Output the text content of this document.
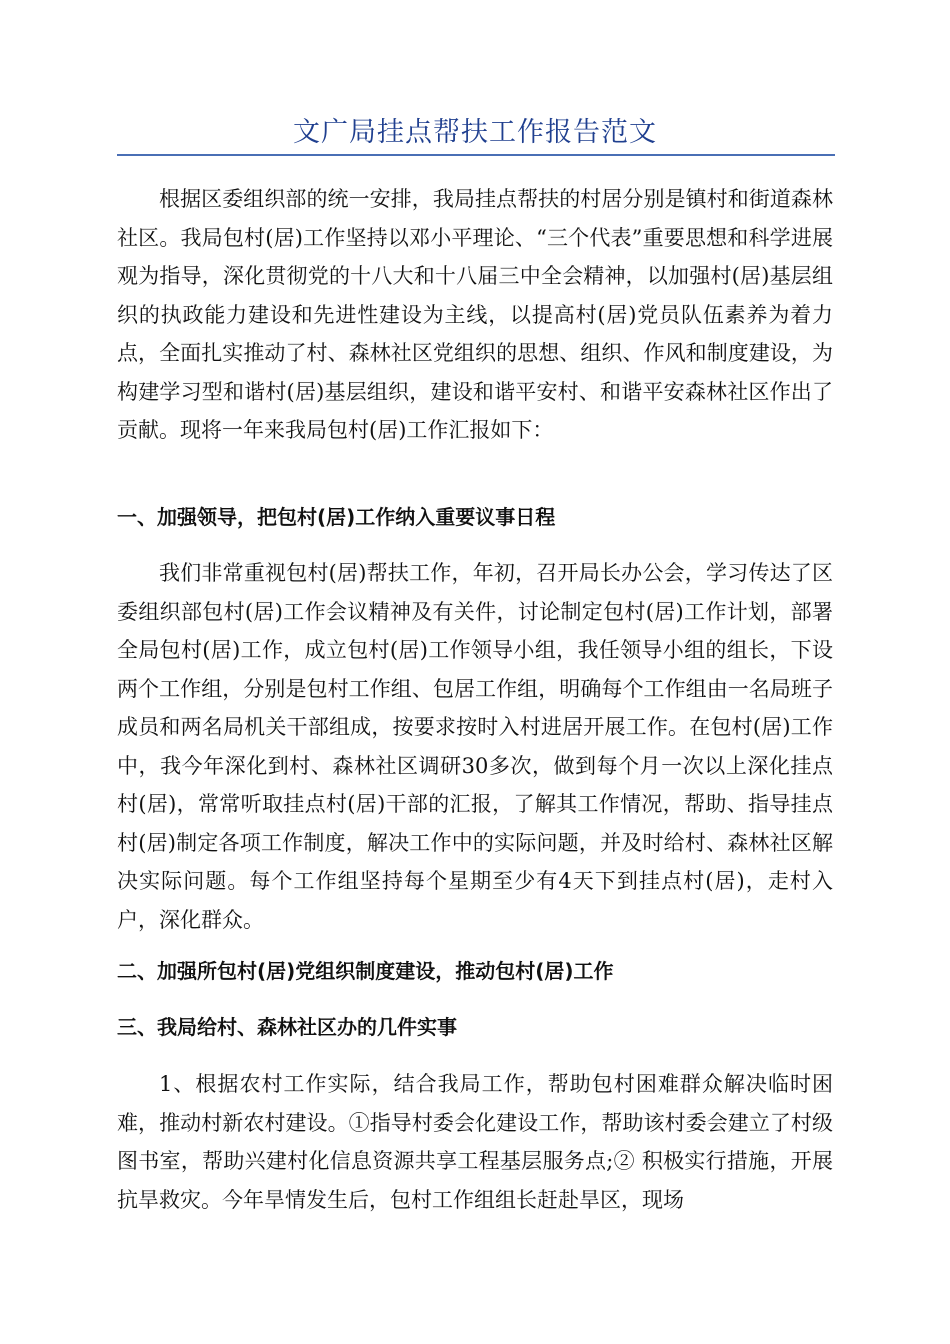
文广局挂点帮扶工作报告范文

根据区委组织部的统一安排，我局挂点帮扶的村居分别是镇村和街道森林社区。我局包村(居)工作坚持以邓小平理论、“三个代表”重要思想和科学进展观为指导，深化贯彻党的十八大和十八届三中全会精神，以加强村(居)基层组织的执政能力建设和先进性建设为主线，以提高村(居)党员队伍素养为着力点，全面扎实推动了村、森林社区党组织的思想、组织、作风和制度建设，为构建学习型和谐村(居)基层组织，建设和谐平安村、和谐平安森林社区作出了贡献。现将一年来我局包村(居)工作汇报如下：

一、加强领导，把包村(居)工作纳入重要议事日程

我们非常重视包村(居)帮扶工作，年初，召开局长办公会，学习传达了区委组织部包村(居)工作会议精神及有关件，讨论制定包村(居)工作计划，部署全局包村(居)工作，成立包村(居)工作领导小组，我任领导小组的组长，下设两个工作组，分别是包村工作组、包居工作组，明确每个工作组由一名局班子成员和两名局机关干部组成，按要求按时入村进居开展工作。在包村(居)工作中，我今年深化到村、森林社区调研30多次，做到每个月一次以上深化挂点村(居)，常常听取挂点村(居)干部的汇报，了解其工作情况，帮助、指导挂点村(居)制定各项工作制度，解决工作中的实际问题，并及时给村、森林社区解决实际问题。每个工作组坚持每个星期至少有4天下到挂点村(居)，走村入户，深化群众。

二、加强所包村(居)党组织制度建设，推动包村(居)工作
三、我局给村、森林社区办的几件实事

1、根据农村工作实际，结合我局工作，帮助包村困难群众解决临时困难，推动村新农村建设。①指导村委会化建设工作，帮助该村委会建立了村级图书室，帮助兴建村化信息资源共享工程基层服务点;② 积极实行措施，开展抗旱救灾。今年旱情发生后，包村工作组组长赶赴旱区，现场
